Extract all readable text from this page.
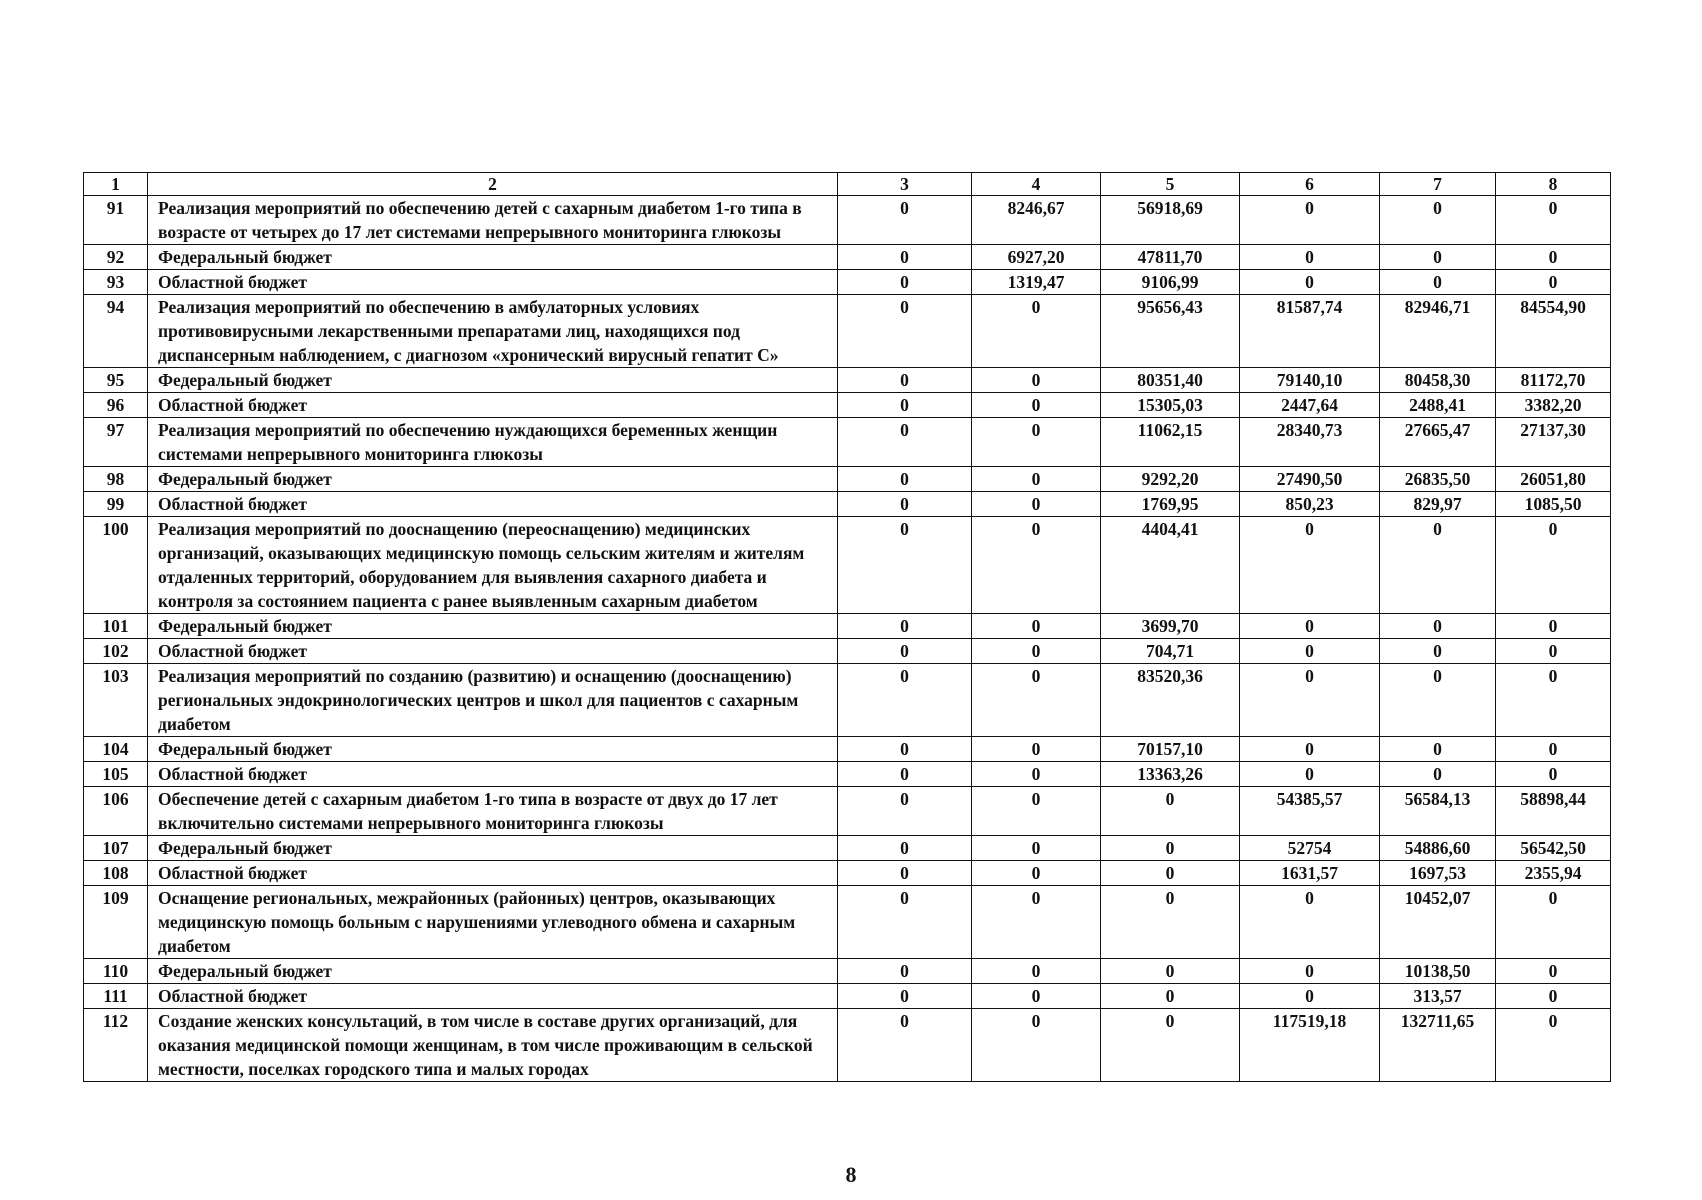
1	2	3	4	5	6	7	8
91	Реализация мероприятий по обеспечению детей с сахарным диабетом 1-го типа в возрасте от четырех до 17 лет системами непрерывного мониторинга глюкозы	0	8246,67	56918,69	0	0	0
92	Федеральный бюджет	0	6927,20	47811,70	0	0	0
93	Областной бюджет	0	1319,47	9106,99	0	0	0
94	Реализация мероприятий по обеспечению в амбулаторных условиях противовирусными лекарственными препаратами лиц, находящихся под диспансерным наблюдением, с диагнозом «хронический вирусный гепатит С»	0	0	95656,43	81587,74	82946,71	84554,90
95	Федеральный бюджет	0	0	80351,40	79140,10	80458,30	81172,70
96	Областной бюджет	0	0	15305,03	2447,64	2488,41	3382,20
97	Реализация мероприятий по обеспечению нуждающихся беременных женщин системами непрерывного мониторинга глюкозы	0	0	11062,15	28340,73	27665,47	27137,30
98	Федеральный бюджет	0	0	9292,20	27490,50	26835,50	26051,80
99	Областной бюджет	0	0	1769,95	850,23	829,97	1085,50
100	Реализация мероприятий по дооснащению (переоснащению) медицинских организаций, оказывающих медицинскую помощь сельским жителям и жителям отдаленных территорий, оборудованием для выявления сахарного диабета и контроля за состоянием пациента с ранее выявленным сахарным диабетом	0	0	4404,41	0	0	0
101	Федеральный бюджет	0	0	3699,70	0	0	0
102	Областной бюджет	0	0	704,71	0	0	0
103	Реализация мероприятий по созданию (развитию) и оснащению (дооснащению) региональных эндокринологических центров и школ для пациентов с сахарным диабетом	0	0	83520,36	0	0	0
104	Федеральный бюджет	0	0	70157,10	0	0	0
105	Областной бюджет	0	0	13363,26	0	0	0
106	Обеспечение детей с сахарным диабетом 1-го типа в возрасте от двух до 17 лет включительно системами непрерывного мониторинга глюкозы	0	0	0	54385,57	56584,13	58898,44
107	Федеральный бюджет	0	0	0	52754	54886,60	56542,50
108	Областной бюджет	0	0	0	1631,57	1697,53	2355,94
109	Оснащение региональных, межрайонных (районных) центров, оказывающих медицинскую помощь больным с нарушениями углеводного обмена и сахарным диабетом	0	0	0	0	10452,07	0
110	Федеральный бюджет	0	0	0	0	10138,50	0
111	Областной бюджет	0	0	0	0	313,57	0
112	Создание женских консультаций, в том числе в составе других организаций, для оказания медицинской помощи женщинам, в том числе проживающим в сельской местности, поселках городского типа и малых городах	0	0	0	117519,18	132711,65	0
8
